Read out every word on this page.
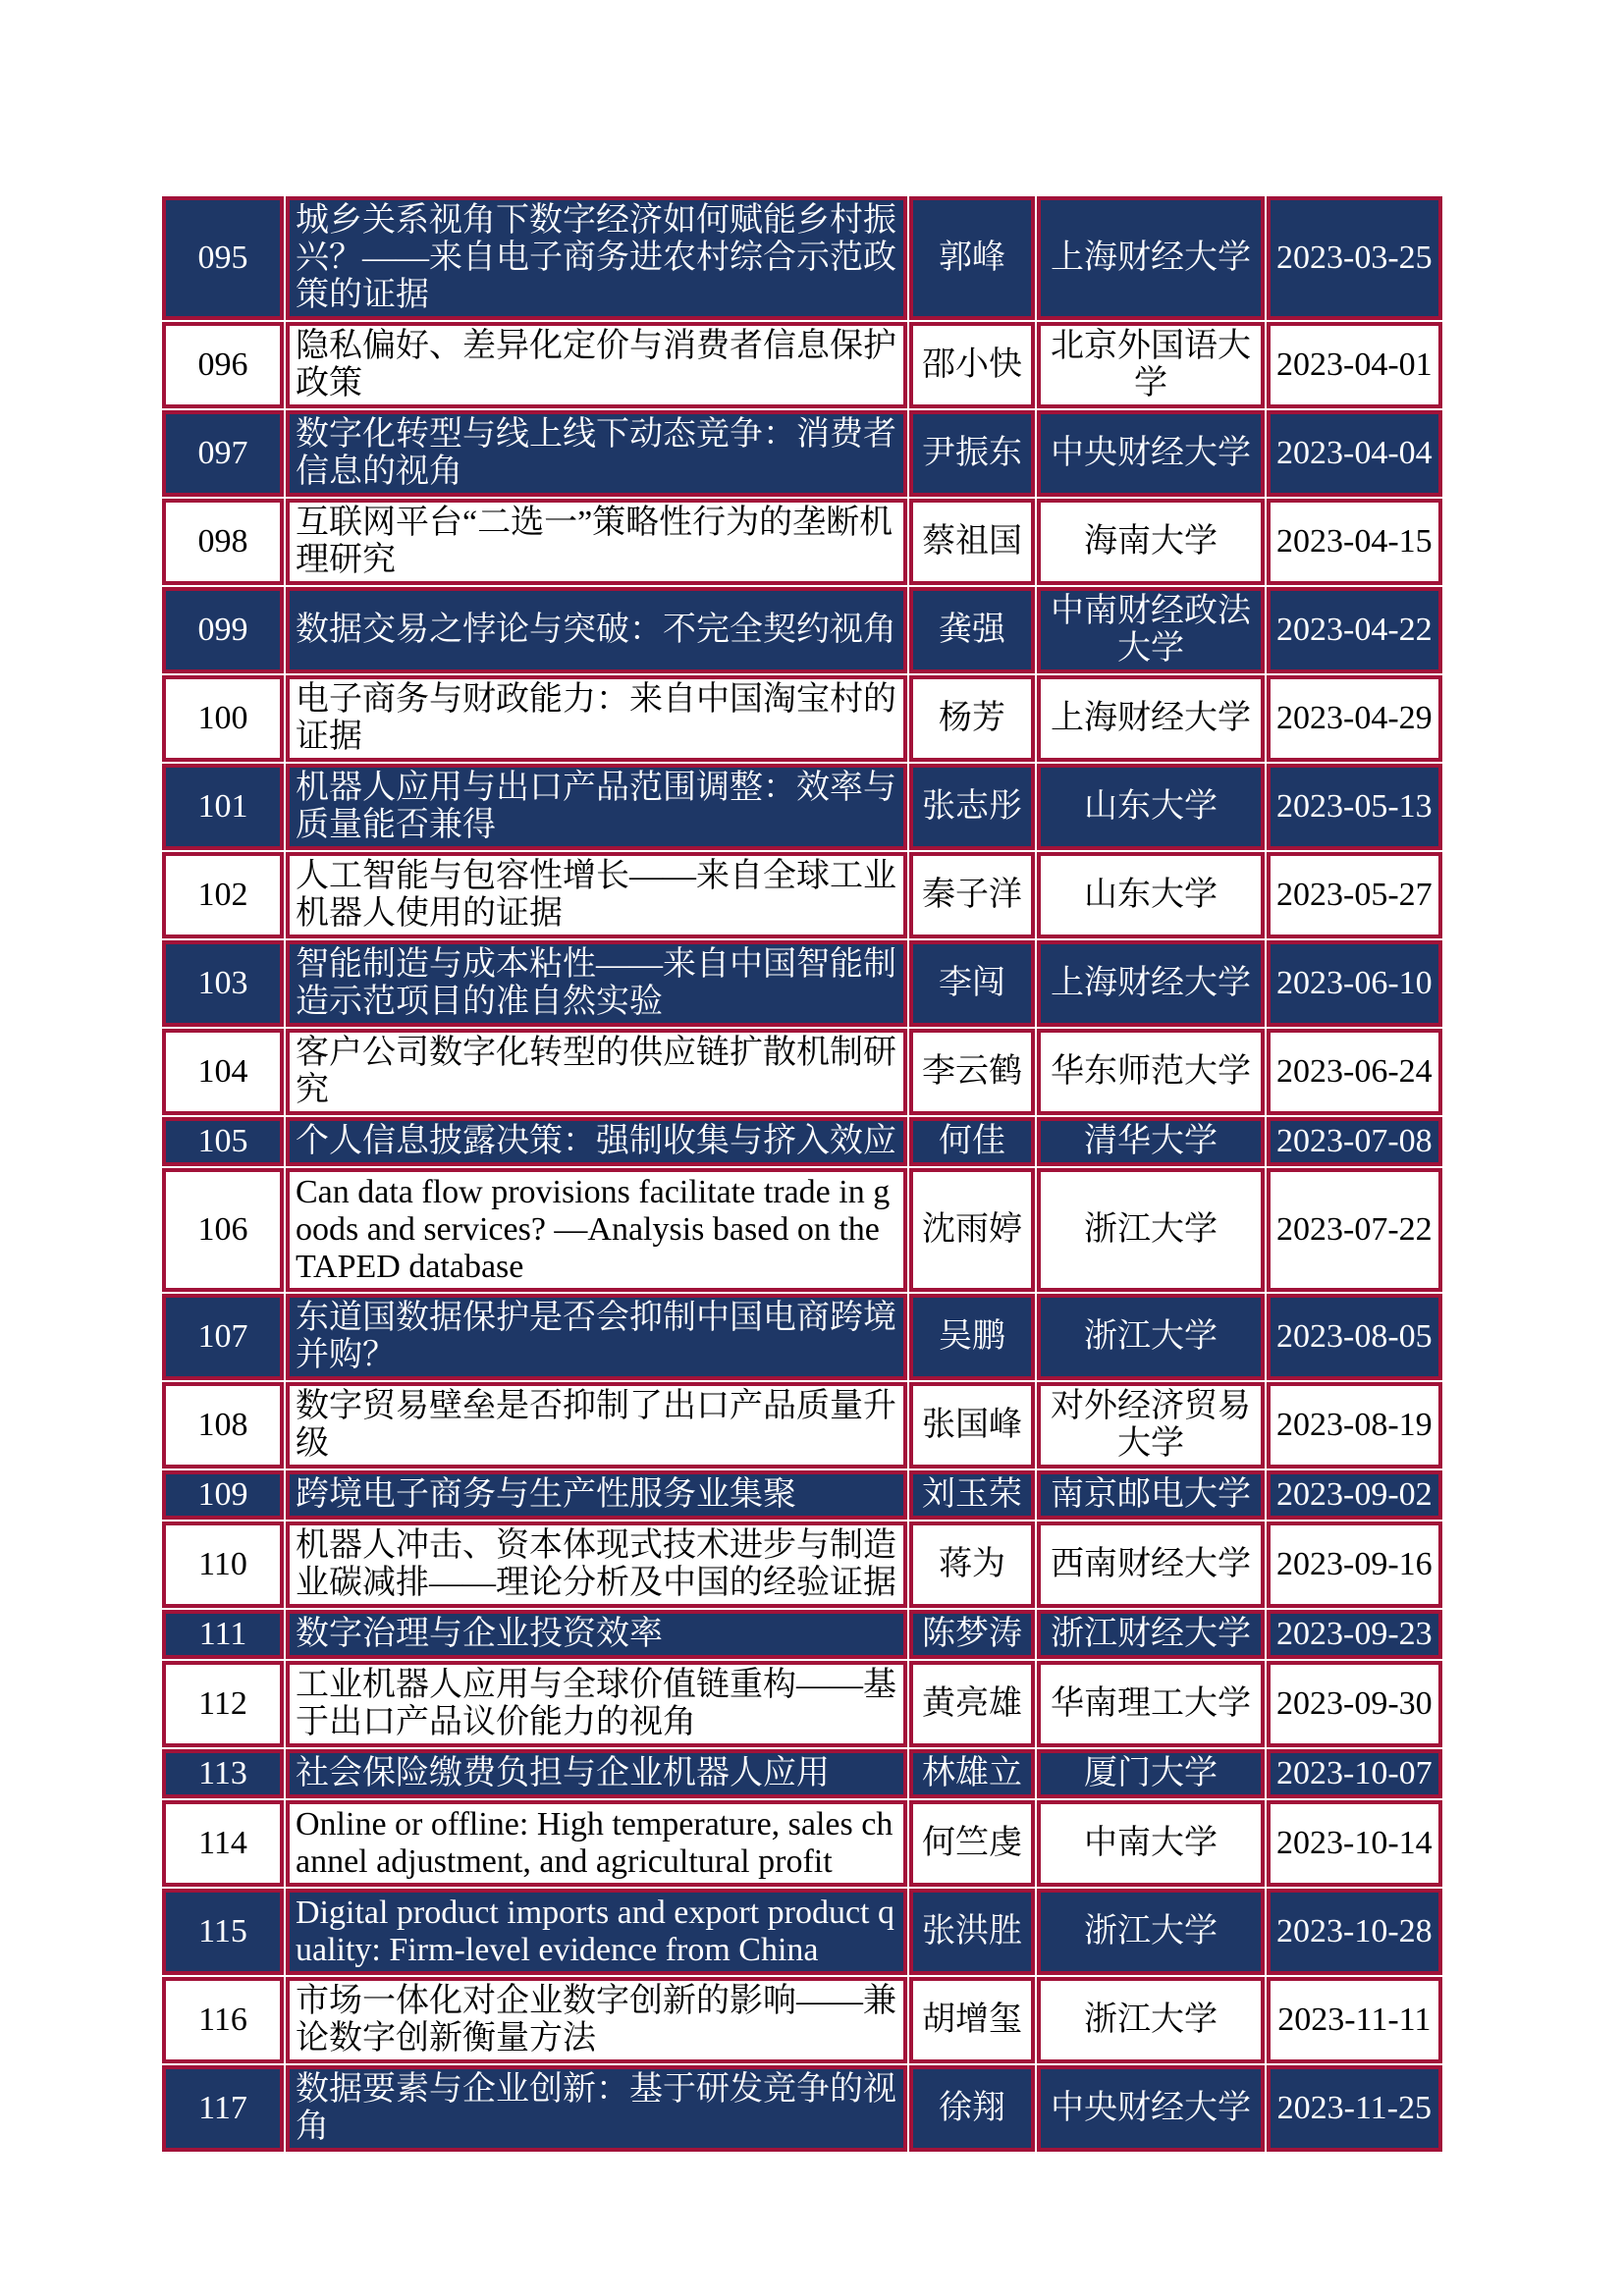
095	城乡关系视角下数字经济如何赋能乡村振兴？——来自电子商务进农村综合示范政策的证据	郭峰	上海财经大学	2023-03-25
096	隐私偏好、差异化定价与消费者信息保护政策	邵小快	北京外国语大学	2023-04-01
097	数字化转型与线上线下动态竞争：消费者信息的视角	尹振东	中央财经大学	2023-04-04
098	互联网平台“二选一”策略性行为的垄断机理研究	蔡祖国	海南大学	2023-04-15
099	数据交易之悖论与突破：不完全契约视角	龚强	中南财经政法大学	2023-04-22
100	电子商务与财政能力：来自中国淘宝村的证据	杨芳	上海财经大学	2023-04-29
101	机器人应用与出口产品范围调整：效率与质量能否兼得	张志彤	山东大学	2023-05-13
102	人工智能与包容性增长——来自全球工业机器人使用的证据	秦子洋	山东大学	2023-05-27
103	智能制造与成本粘性——来自中国智能制造示范项目的准自然实验	李闯	上海财经大学	2023-06-10
104	客户公司数字化转型的供应链扩散机制研究	李云鹤	华东师范大学	2023-06-24
105	个人信息披露决策：强制收集与挤入效应	何佳	清华大学	2023-07-08
106	Can data flow provisions facilitate trade in goods and services? —Analysis based on the TAPED database	沈雨婷	浙江大学	2023-07-22
107	东道国数据保护是否会抑制中国电商跨境并购？	吴鹏	浙江大学	2023-08-05
108	数字贸易壁垒是否抑制了出口产品质量升级	张国峰	对外经济贸易大学	2023-08-19
109	跨境电子商务与生产性服务业集聚	刘玉荣	南京邮电大学	2023-09-02
110	机器人冲击、资本体现式技术进步与制造业碳减排——理论分析及中国的经验证据	蒋为	西南财经大学	2023-09-16
111	数字治理与企业投资效率	陈梦涛	浙江财经大学	2023-09-23
112	工业机器人应用与全球价值链重构——基于出口产品议价能力的视角	黄亮雄	华南理工大学	2023-09-30
113	社会保险缴费负担与企业机器人应用	林雄立	厦门大学	2023-10-07
114	Online or offline: High temperature, sales channel adjustment, and agricultural profit	何竺虔	中南大学	2023-10-14
115	Digital product imports and export product quality: Firm-level evidence from China	张洪胜	浙江大学	2023-10-28
116	市场一体化对企业数字创新的影响——兼论数字创新衡量方法	胡增玺	浙江大学	2023-11-11
117	数据要素与企业创新：基于研发竞争的视角	徐翔	中央财经大学	2023-11-25
